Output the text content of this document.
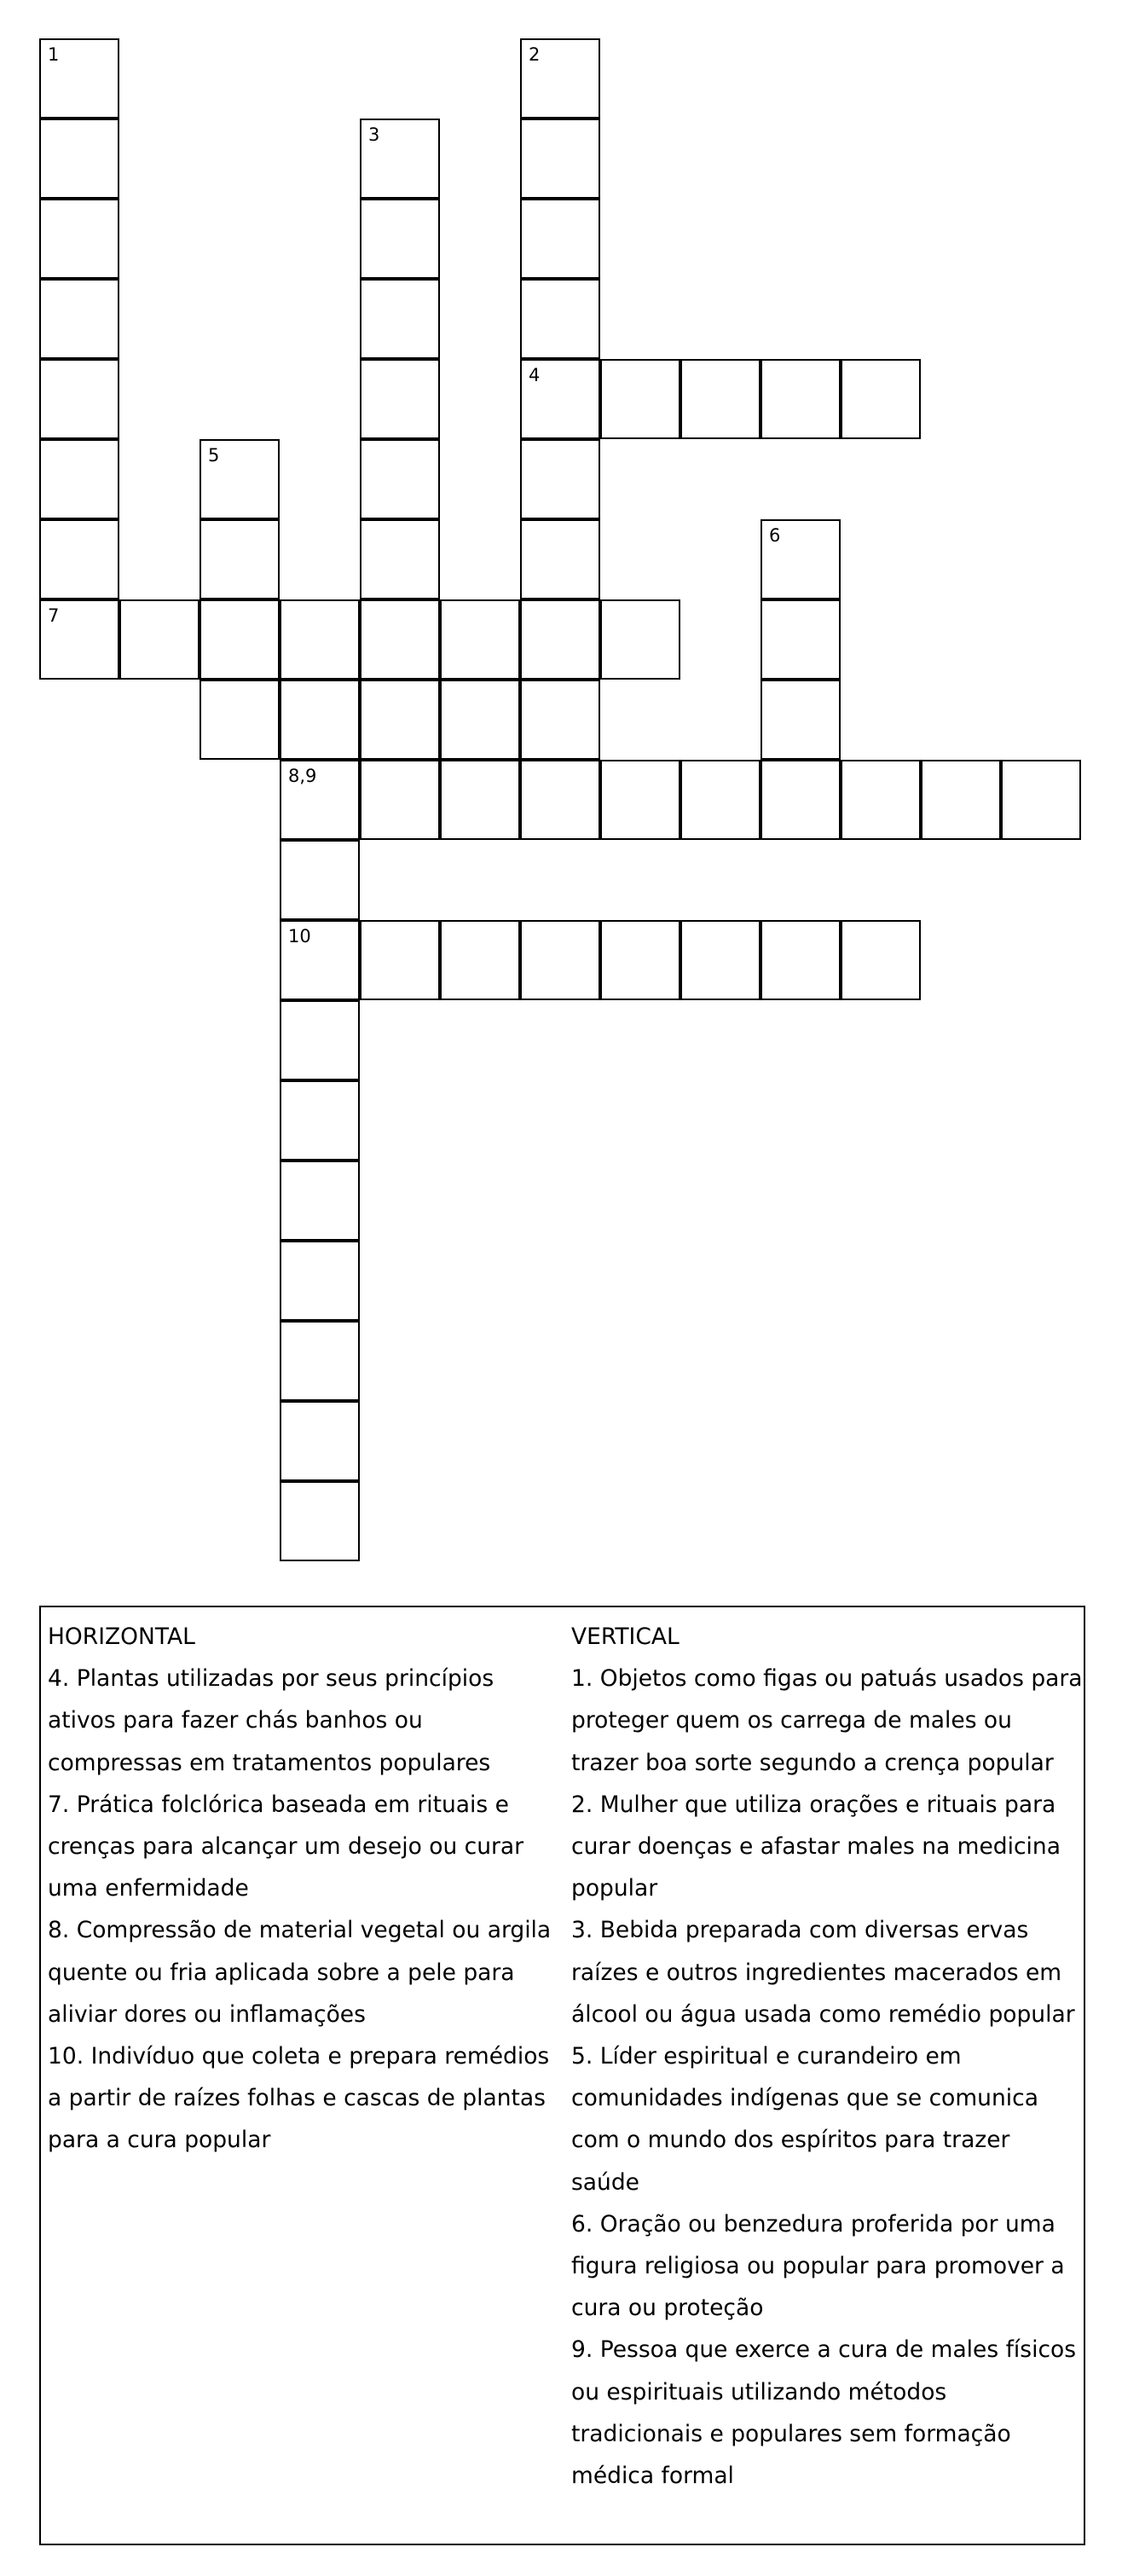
1
7
2
4
3
5
6
8,9
10
HORIZONTAL
4. Plantas utilizadas por seus princípios ativos para fazer chás banhos ou compressas em tratamentos populares
7. Prática folclórica baseada em rituais e crenças para alcançar um desejo ou curar uma enfermidade
8. Compressão de material vegetal ou argila quente ou fria aplicada sobre a pele para aliviar dores ou inflamações
10. Indivíduo que coleta e prepara remédios a partir de raízes folhas e cascas de plantas para a cura popular
VERTICAL
1. Objetos como figas ou patuás usados para proteger quem os carrega de males ou trazer boa sorte segundo a crença popular
2. Mulher que utiliza orações e rituais para curar doenças e afastar males na medicina popular
3. Bebida preparada com diversas ervas raízes e outros ingredientes macerados em álcool ou água usada como remédio popular
5. Líder espiritual e curandeiro em comunidades indígenas que se comunica com o mundo dos espíritos para trazer saúde
6. Oração ou benzedura proferida por uma figura religiosa ou popular para promover a cura ou proteção
9. Pessoa que exerce a cura de males físicos ou espirituais utilizando métodos tradicionais e populares sem formação médica formal
